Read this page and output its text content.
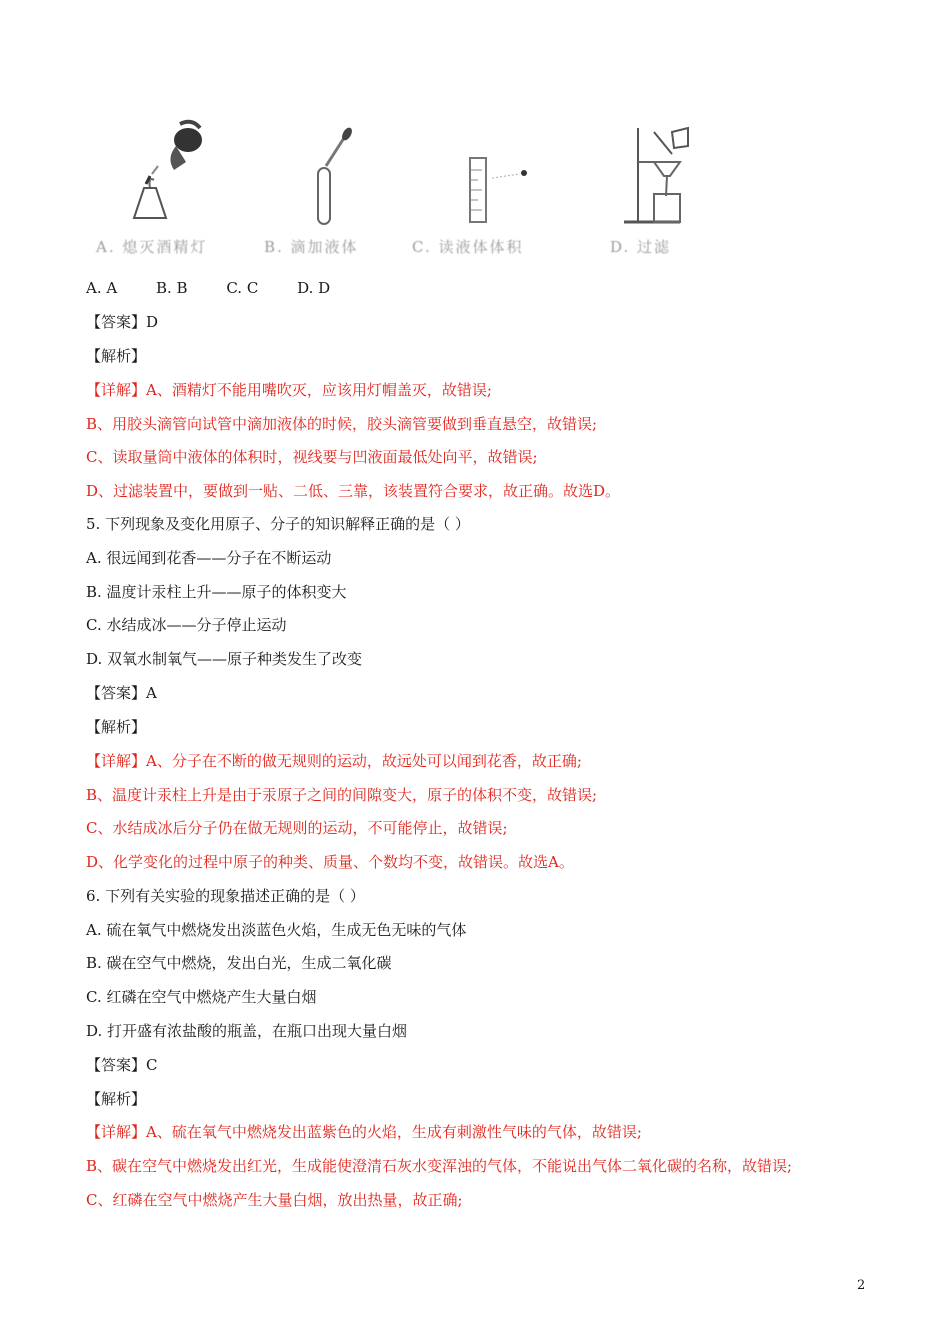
A. 熄灭酒精灯	B. 滴加液体	C. 读液体体积	D. 过滤
A. A	B. B	C. C	D. D
【答案】D
【解析】
【详解】A、酒精灯不能用嘴吹灭，应该用灯帽盖灭，故错误;
B、用胶头滴管向试管中滴加液体的时候，胶头滴管要做到垂直悬空，故错误;
C、读取量筒中液体的体积时，视线要与凹液面最低处向平，故错误;
D、过滤装置中，要做到一贴、二低、三靠，该装置符合要求，故正确。故选D。
5. 下列现象及变化用原子、分子的知识解释正确的是（ ）
A. 很远闻到花香——分子在不断运动
B. 温度计汞柱上升——原子的体积变大
C. 水结成冰——分子停止运动
D. 双氧水制氧气——原子种类发生了改变
【答案】A
【解析】
【详解】A、分子在不断的做无规则的运动，故远处可以闻到花香，故正确;
B、温度计汞柱上升是由于汞原子之间的间隙变大，原子的体积不变，故错误;
C、水结成冰后分子仍在做无规则的运动，不可能停止，故错误;
D、化学变化的过程中原子的种类、质量、个数均不变，故错误。故选A。
6. 下列有关实验的现象描述正确的是（ ）
A. 硫在氧气中燃烧发出淡蓝色火焰，生成无色无味的气体
B. 碳在空气中燃烧，发出白光，生成二氧化碳
C. 红磷在空气中燃烧产生大量白烟
D. 打开盛有浓盐酸的瓶盖，在瓶口出现大量白烟
【答案】C
【解析】
【详解】A、硫在氧气中燃烧发出蓝紫色的火焰，生成有刺激性气味的气体，故错误;
B、碳在空气中燃烧发出红光，生成能使澄清石灰水变浑浊的气体，不能说出气体二氧化碳的名称，故错误;
C、红磷在空气中燃烧产生大量白烟，放出热量，故正确;
2
